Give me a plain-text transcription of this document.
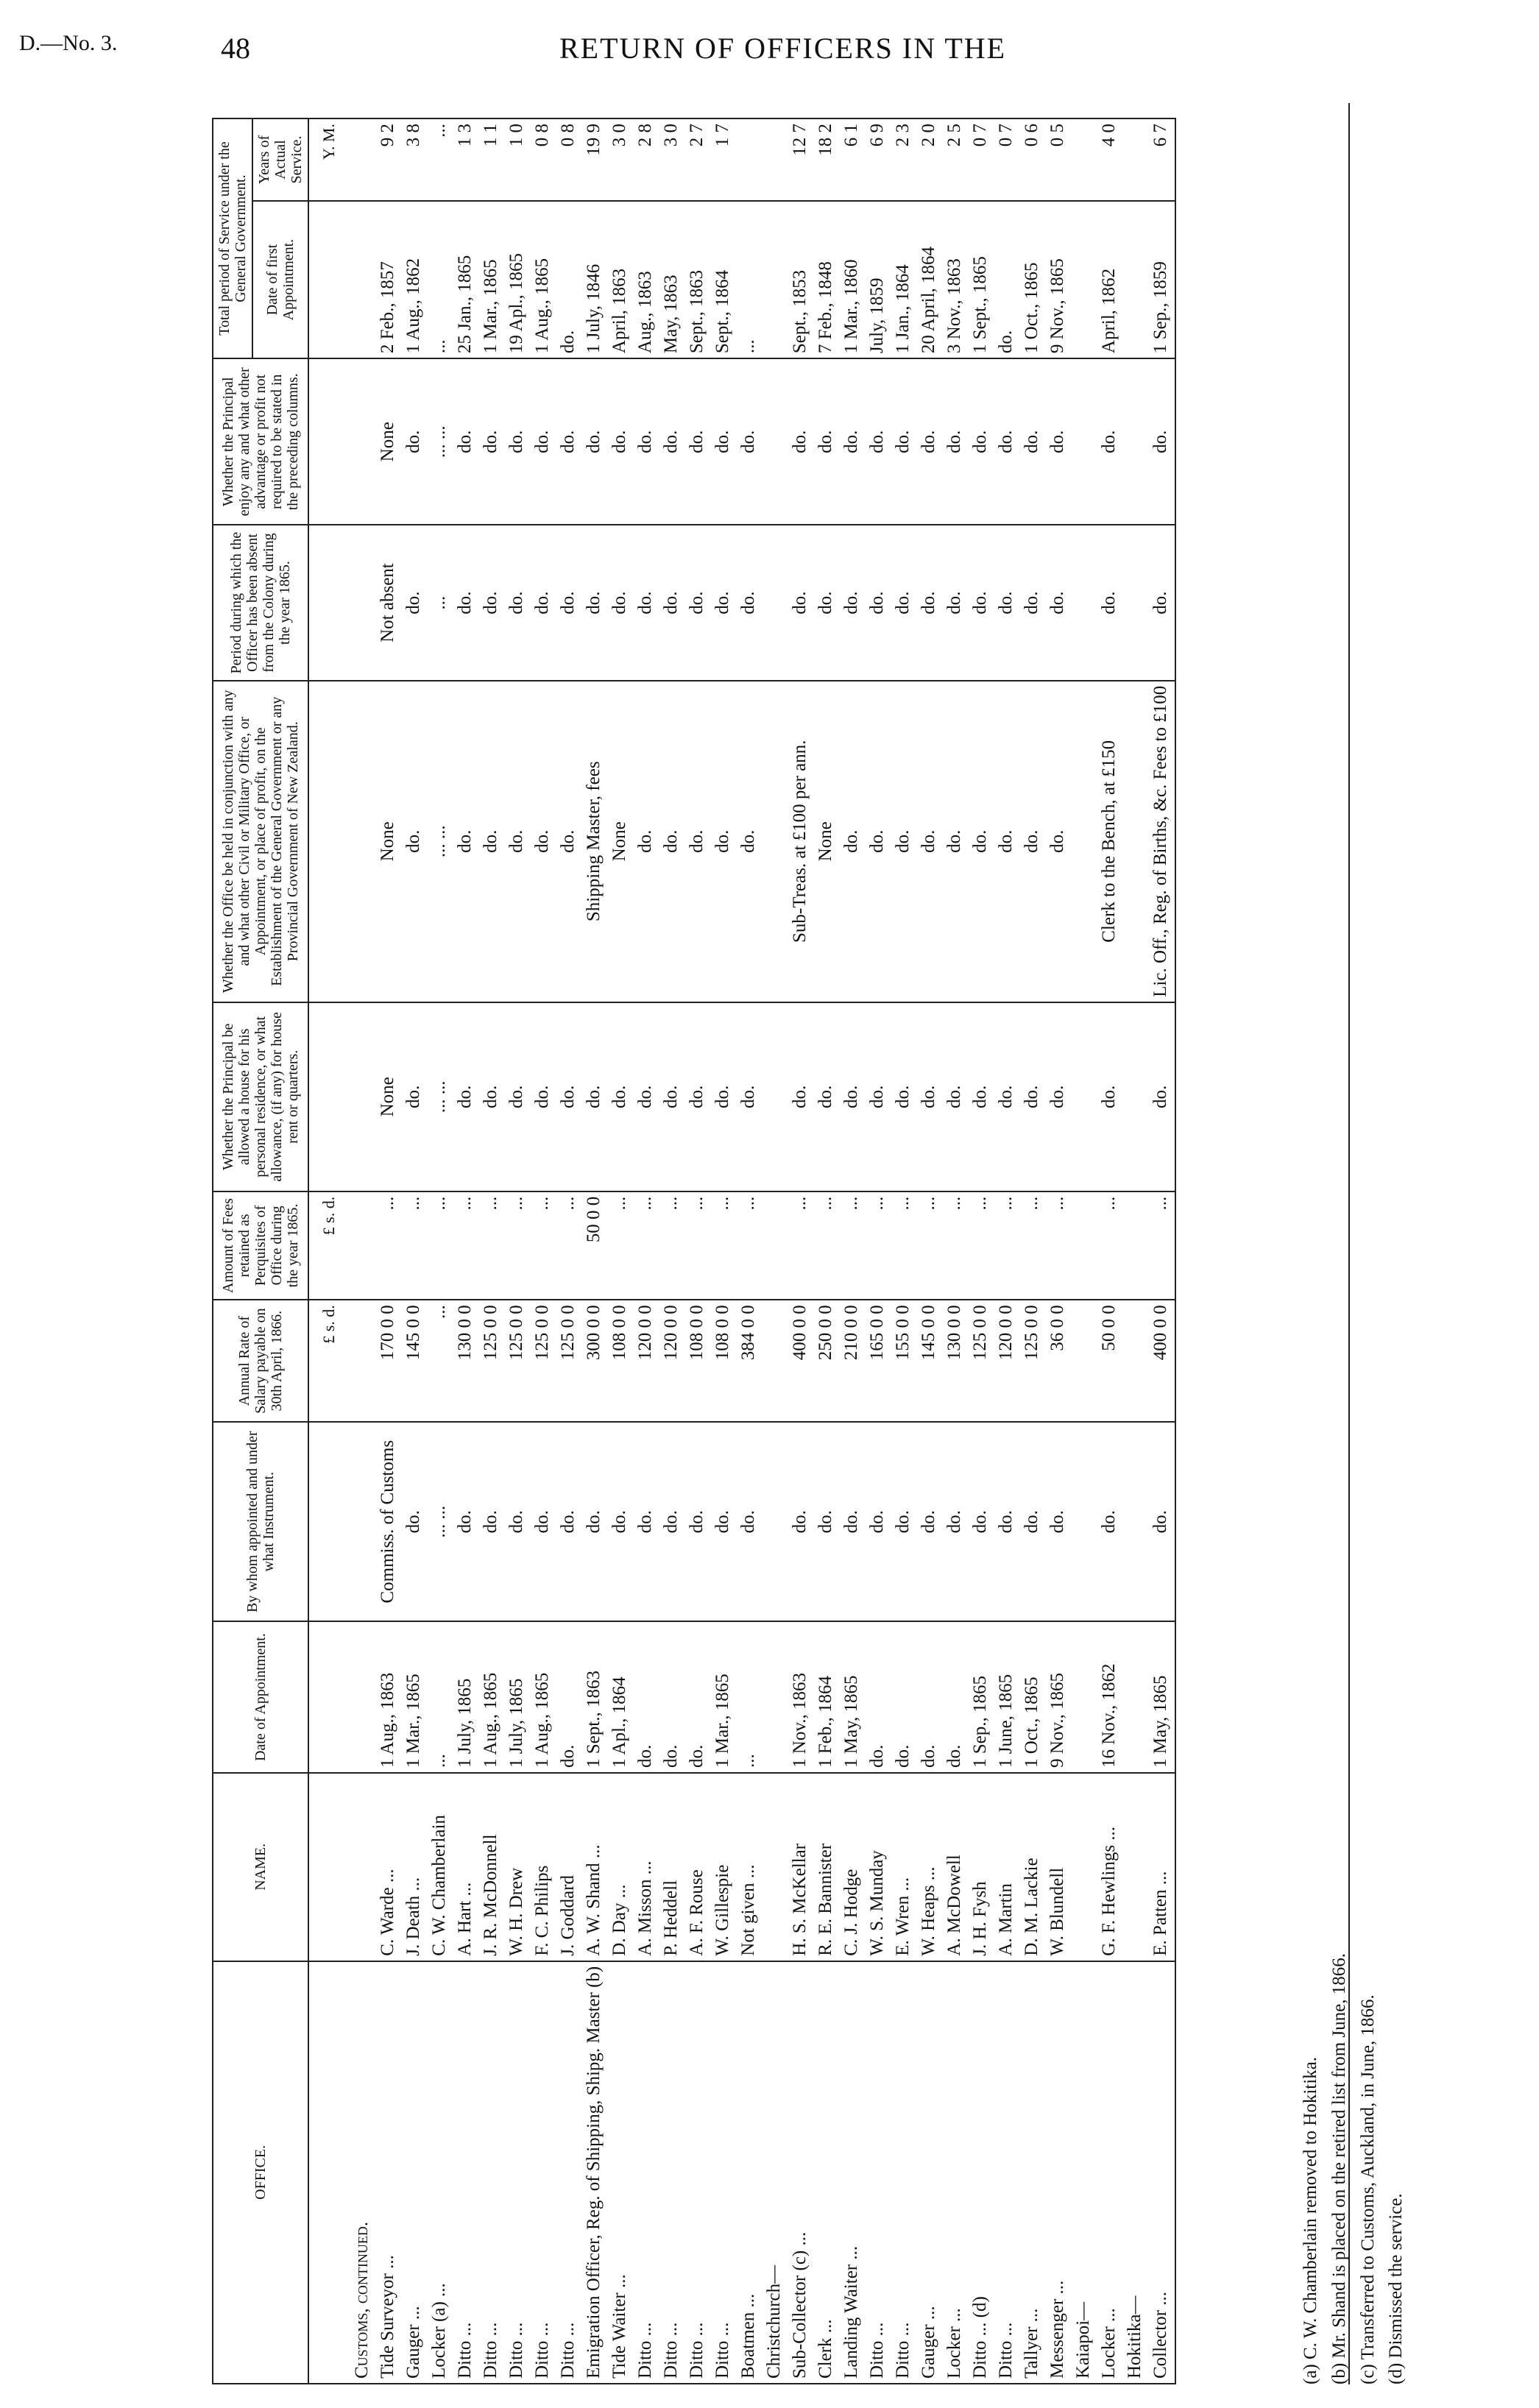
D.—No. 3.	48	RETURN OF OFFICERS IN THE
OFFICE.	NAME.	Date of Appointment.	By whom appointed and under what Instrument.	Annual Rate of Salary payable on 30th April, 1866.	Amount of Fees retained as Perquisites of Office during the year 1865.	Whether the Principal be allowed a house for his personal residence, or what allowance, (if any) for house rent or quarters.	Whether the Office be held in conjunction with any and what other Civil or Military Office, or Appointment, or place of profit, on the Establishment of the General Government or any Provincial Government of New Zealand.	Period during which the Officer has been absent from the Colony during the year 1865.	Whether the Principal enjoy any and what other advantage or profit not required to be stated in the preceding columns.	Total period of Service under the General Government.	
										Date of first Appointment.	Years of Actual Service.
				£ s. d.	£ s. d.						Y. M.
Customs, continued.											
Tide Surveyor ...	C. Warde ...	1 Aug., 1863	Commiss. of Customs	170 0 0	...	None	None	Not absent	None	2 Feb., 1857	9 2
Gauger ...	J. Death ...	1 Mar., 1865	do.	145 0 0	...	do.	do.	do.	do.	1 Aug., 1862	3 8
Locker (a) ...	C. W. Chamberlain	...	... ...	...	...	... ...	... ...	...	... ...	...	...
Ditto ...	A. Hart ...	1 July, 1865	do.	130 0 0	...	do.	do.	do.	do.	25 Jan., 1865	1 3
Ditto ...	J. R. McDonnell	1 Aug., 1865	do.	125 0 0	...	do.	do.	do.	do.	1 Mar., 1865	1 1
Ditto ...	W. H. Drew	1 July, 1865	do.	125 0 0	...	do.	do.	do.	do.	19 Apl., 1865	1 0
Ditto ...	F. C. Philips	1 Aug., 1865	do.	125 0 0	...	do.	do.	do.	do.	1 Aug., 1865	0 8
Ditto ...	J. Goddard	do.	do.	125 0 0	...	do.	do.	do.	do.	do.	0 8
Emigration Officer, Reg. of Shipping, Shipg. Master (b)	A. W. Shand ...	1 Sept., 1863	do.	300 0 0	50 0 0	do.	Shipping Master, fees	do.	do.	1 July, 1846	19 9
Tide Waiter ...	D. Day ...	1 Apl., 1864	do.	108 0 0	...	do.	None	do.	do.	April, 1863	3 0
Ditto ...	A. Misson ...	do.	do.	120 0 0	...	do.	do.	do.	do.	Aug., 1863	2 8
Ditto ...	P. Heddell	do.	do.	120 0 0	...	do.	do.	do.	do.	May, 1863	3 0
Ditto ...	A. F. Rouse	do.	do.	108 0 0	...	do.	do.	do.	do.	Sept., 1863	2 7
Ditto ...	W. Gillespie	1 Mar., 1865	do.	108 0 0	...	do.	do.	do.	do.	Sept., 1864	1 7
Boatmen ...	Not given ...	...	do.	384 0 0	...	do.	do.	do.	do.	...	
Christchurch—											
Sub-Collector (c) ...	H. S. McKellar	1 Nov., 1863	do.	400 0 0	...	do.	Sub-Treas. at £100 per ann.	do.	do.	Sept., 1853	12 7
Clerk ...	R. E. Bannister	1 Feb., 1864	do.	250 0 0	...	do.	None	do.	do.	7 Feb., 1848	18 2
Landing Waiter ...	C. J. Hodge	1 May, 1865	do.	210 0 0	...	do.	do.	do.	do.	1 Mar., 1860	6 1
Ditto ...	W. S. Munday	do.	do.	165 0 0	...	do.	do.	do.	do.	July, 1859	6 9
Ditto ...	E. Wren ...	do.	do.	155 0 0	...	do.	do.	do.	do.	1 Jan., 1864	2 3
Gauger ...	W. Heaps ...	do.	do.	145 0 0	...	do.	do.	do.	do.	20 April, 1864	2 0
Locker ...	A. McDowell	do.	do.	130 0 0	...	do.	do.	do.	do.	3 Nov., 1863	2 5
Ditto ... (d)	J. H. Fysh	1 Sep., 1865	do.	125 0 0	...	do.	do.	do.	do.	1 Sept., 1865	0 7
Ditto ...	A. Martin	1 June, 1865	do.	120 0 0	...	do.	do.	do.	do.	do.	0 7
Tallyer ...	D. M. Lackie	1 Oct., 1865	do.	125 0 0	...	do.	do.	do.	do.	1 Oct., 1865	0 6
Messenger ...	W. Blundell	9 Nov., 1865	do.	36 0 0	...	do.	do.	do.	do.	9 Nov., 1865	0 5
Kaiapoi—											
Locker ...	G. F. Hewlings ...	16 Nov., 1862	do.	50 0 0	...	do.	Clerk to the Bench, at £150	do.	do.	April, 1862	4 0
Hokitika—											
Collector ...	E. Patten ...	1 May, 1865	do.	400 0 0	...	do.	Lic. Off., Reg. of Births, &c. Fees to £100	do.	do.	1 Sep., 1859	6 7
(a) C. W. Chamberlain removed to Hokitika. (b) Mr. Shand is placed on the retired list from June, 1866. (c) Transferred to Customs, Auckland, in June, 1866. (d) Dismissed the service.
